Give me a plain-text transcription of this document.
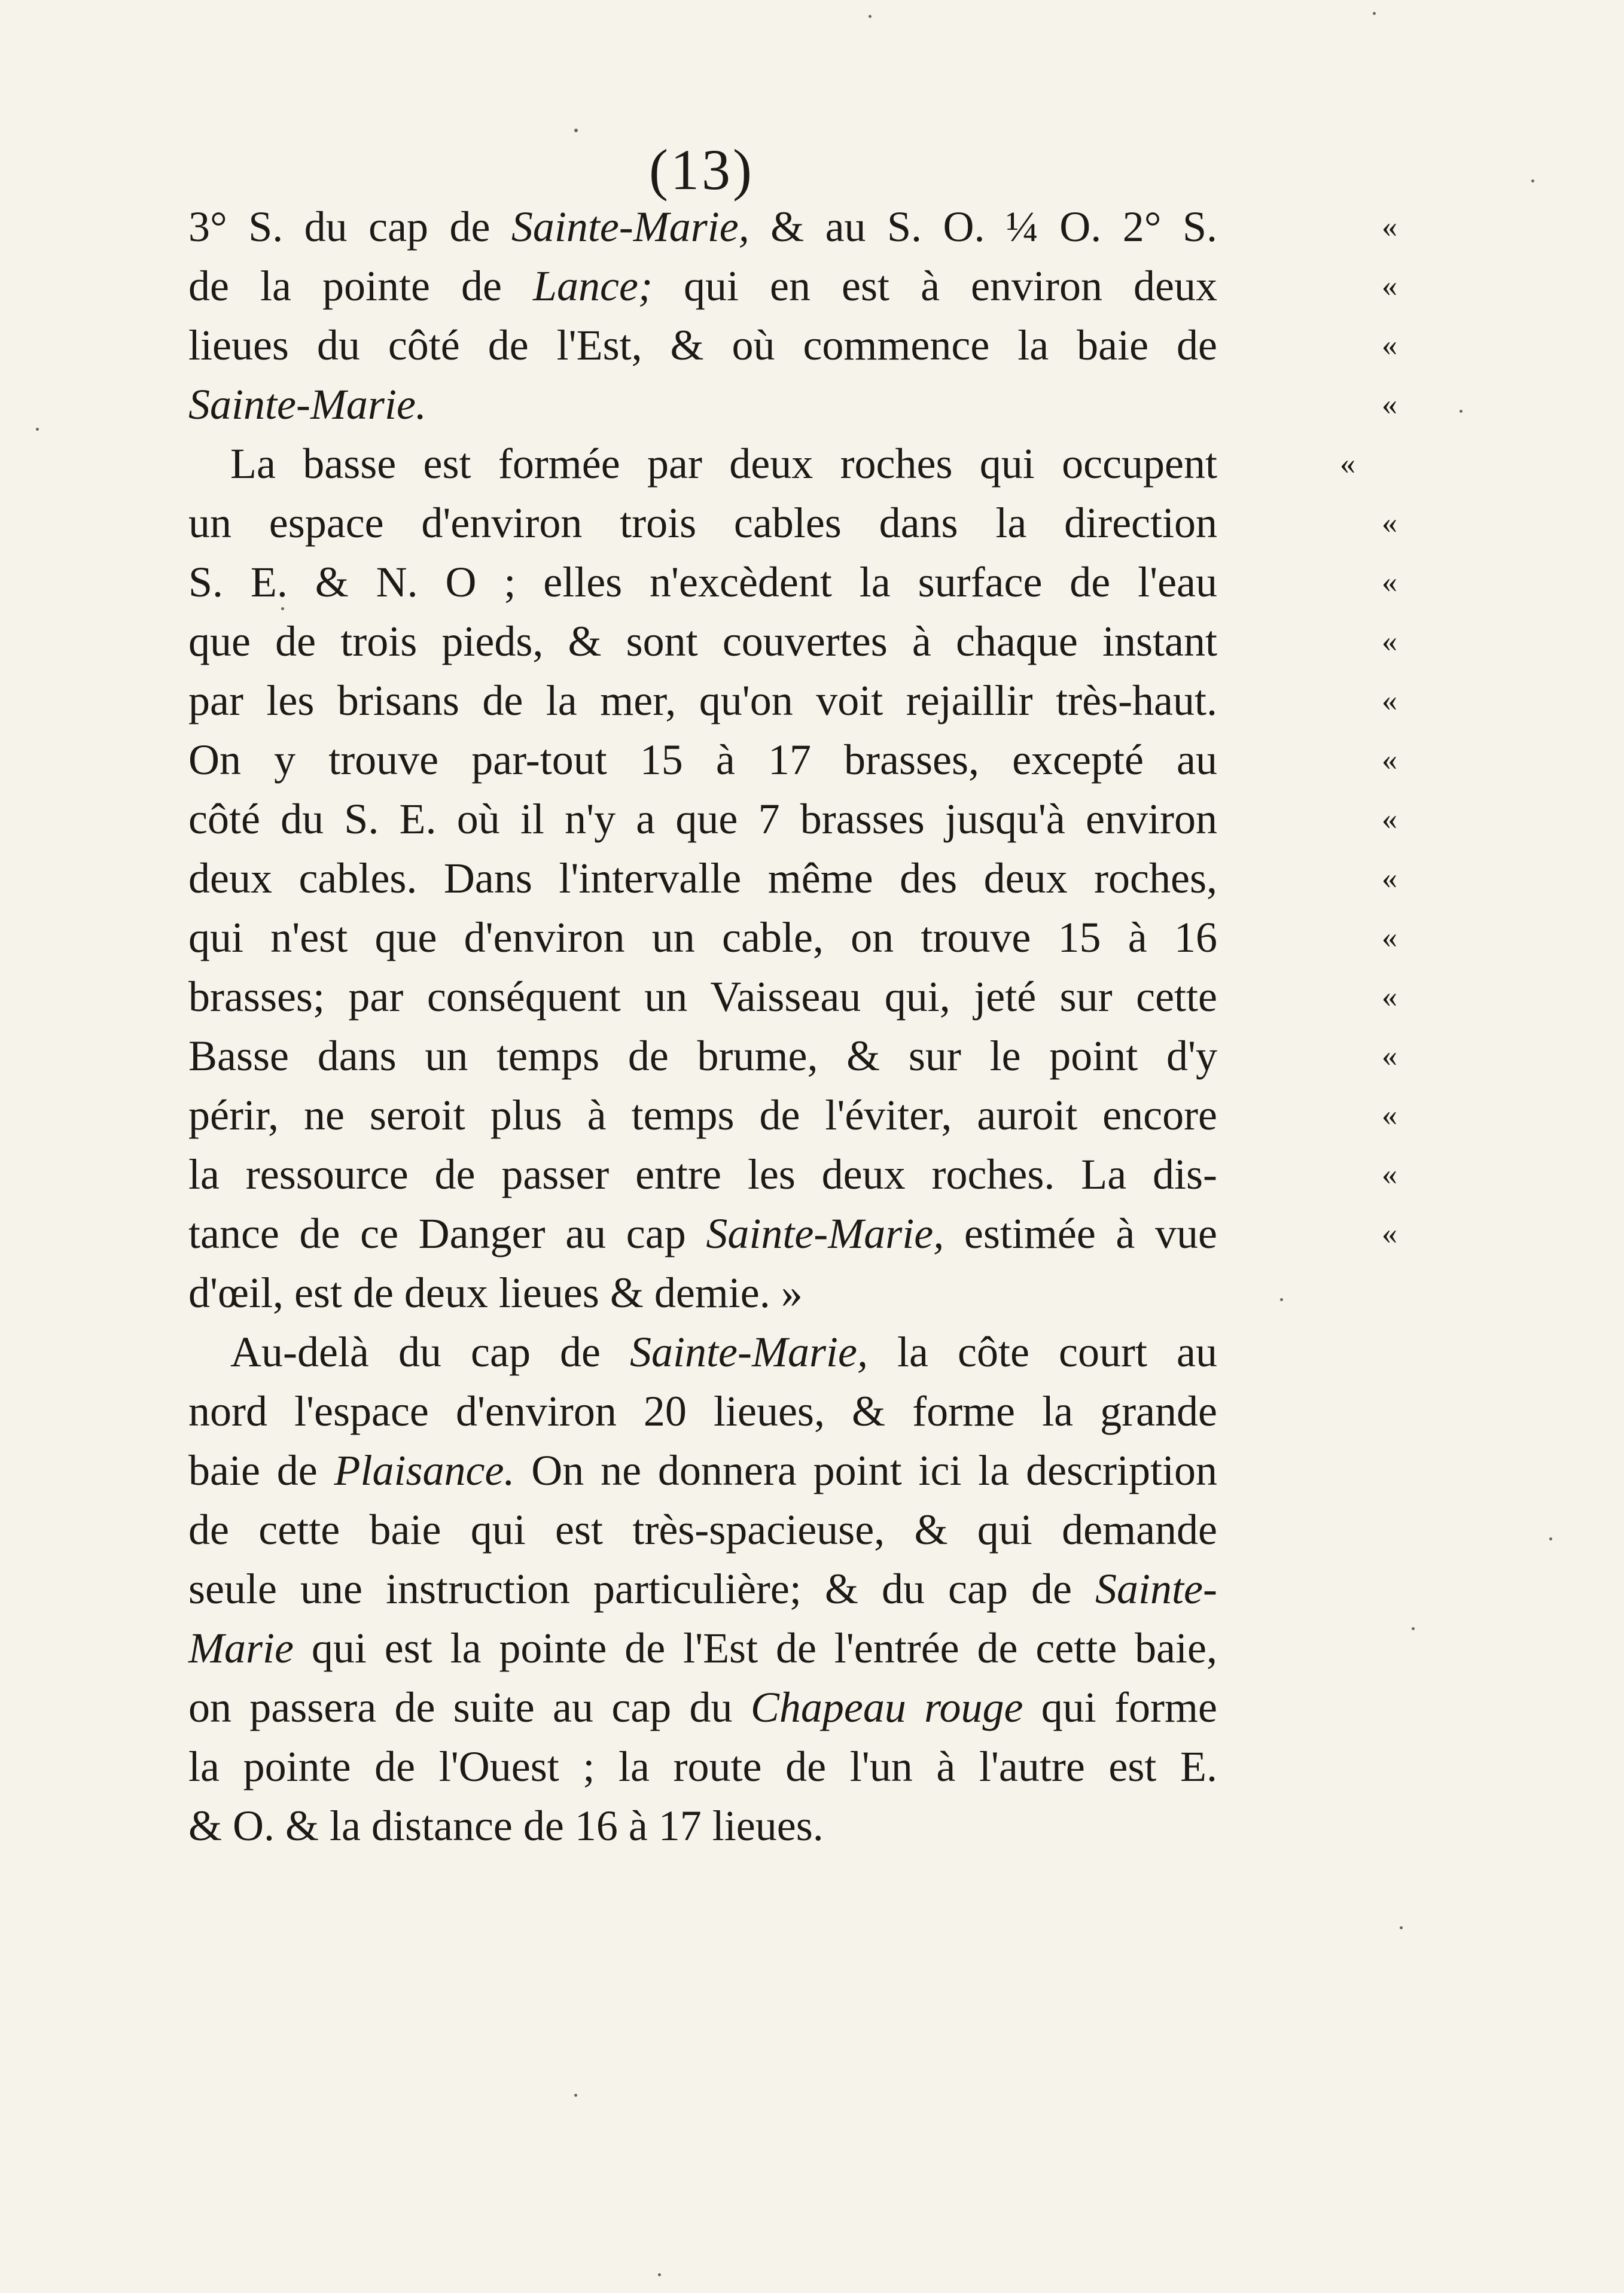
(13)
3° S. du cap de Sainte-Marie, & au S. O. ¼ O. 2° S.	«
de la pointe de Lance; qui en est à environ deux	«
lieues du côté de l'Est, & où commence la baie de	«
Sainte-Marie.	«
La basse est formée par deux roches qui occupent	«
un espace d'environ trois cables dans la direction	«
S. E. & N. O ; elles n'excèdent la surface de l'eau	«
que de trois pieds, & sont couvertes à chaque instant	«
par les brisans de la mer, qu'on voit rejaillir très-haut.	«
On y trouve par-tout 15 à 17 brasses, excepté au	«
côté du S. E. où il n'y a que 7 brasses jusqu'à environ	«
deux cables. Dans l'intervalle même des deux roches,	«
qui n'est que d'environ un cable, on trouve 15 à 16	«
brasses; par conséquent un Vaisseau qui, jeté sur cette	«
Basse dans un temps de brume, & sur le point d'y	«
périr, ne seroit plus à temps de l'éviter, auroit encore	«
la ressource de passer entre les deux roches. La dis-	«
tance de ce Danger au cap Sainte-Marie, estimée à vue	«
d'œil, est de deux lieues & demie. »
Au-delà du cap de Sainte-Marie, la côte court au
nord l'espace d'environ 20 lieues, & forme la grande
baie de Plaisance. On ne donnera point ici la description
de cette baie qui est très-spacieuse, & qui demande
seule une instruction particulière; & du cap de Sainte-
Marie qui est la pointe de l'Est de l'entrée de cette baie,
on passera de suite au cap du Chapeau rouge qui forme
la pointe de l'Ouest ; la route de l'un à l'autre est E.
& O. & la distance de 16 à 17 lieues.
